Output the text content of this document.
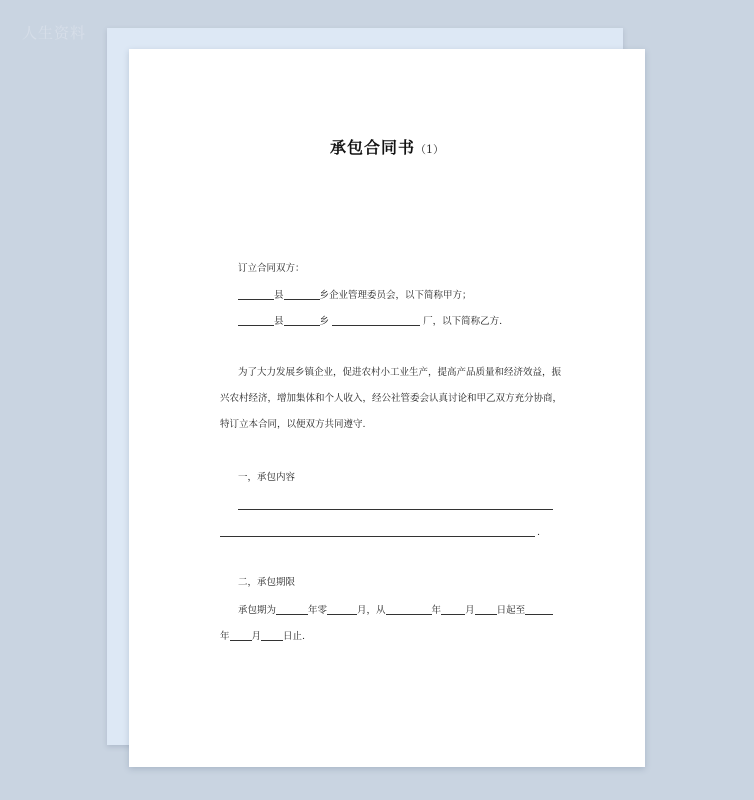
人生资料
承包合同书（1）
订立合同双方：
县	乡企业管理委员会，以下简称甲方；
县	乡	厂，以下简称乙方.
为了大力发展乡镇企业，促进农村小工业生产，提高产品质量和经济效益，振
兴农村经济，增加集体和个人收入，经公社管委会认真讨论和甲乙双方充分协商，
特订立本合同，以便双方共同遵守.
一，承包内容
.
二，承包期限
承包期为	年零	月，从	年	月 日起至
年 月 日止.
